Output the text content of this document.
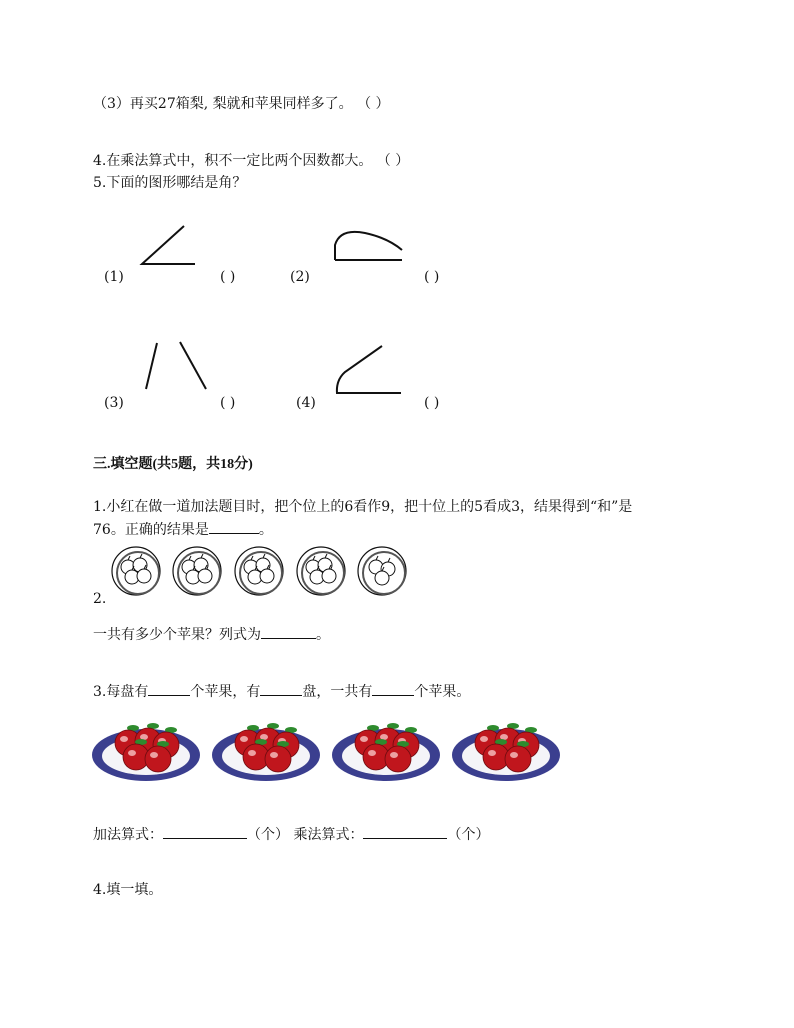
（3）再买27箱梨, 梨就和苹果同样多了。 （ ）
4.在乘法算式中，积不一定比两个因数都大。 （ ）
5.下面的图形哪结是角？
(1)	( )	(2)	( )
(3)	( )	(4)	( )
三.填空题(共5题，共18分)
1.小红在做一道加法题目时，把个位上的6看作9，把十位上的5看成3，结果得到“和”是
76。正确的结果是	。
2.
一共有多少个苹果？列式为	。
3.每盘有	个苹果，有	盘，一共有	个苹果。
加法算式：	（个） 乘法算式：	（个）
4.填一填。
